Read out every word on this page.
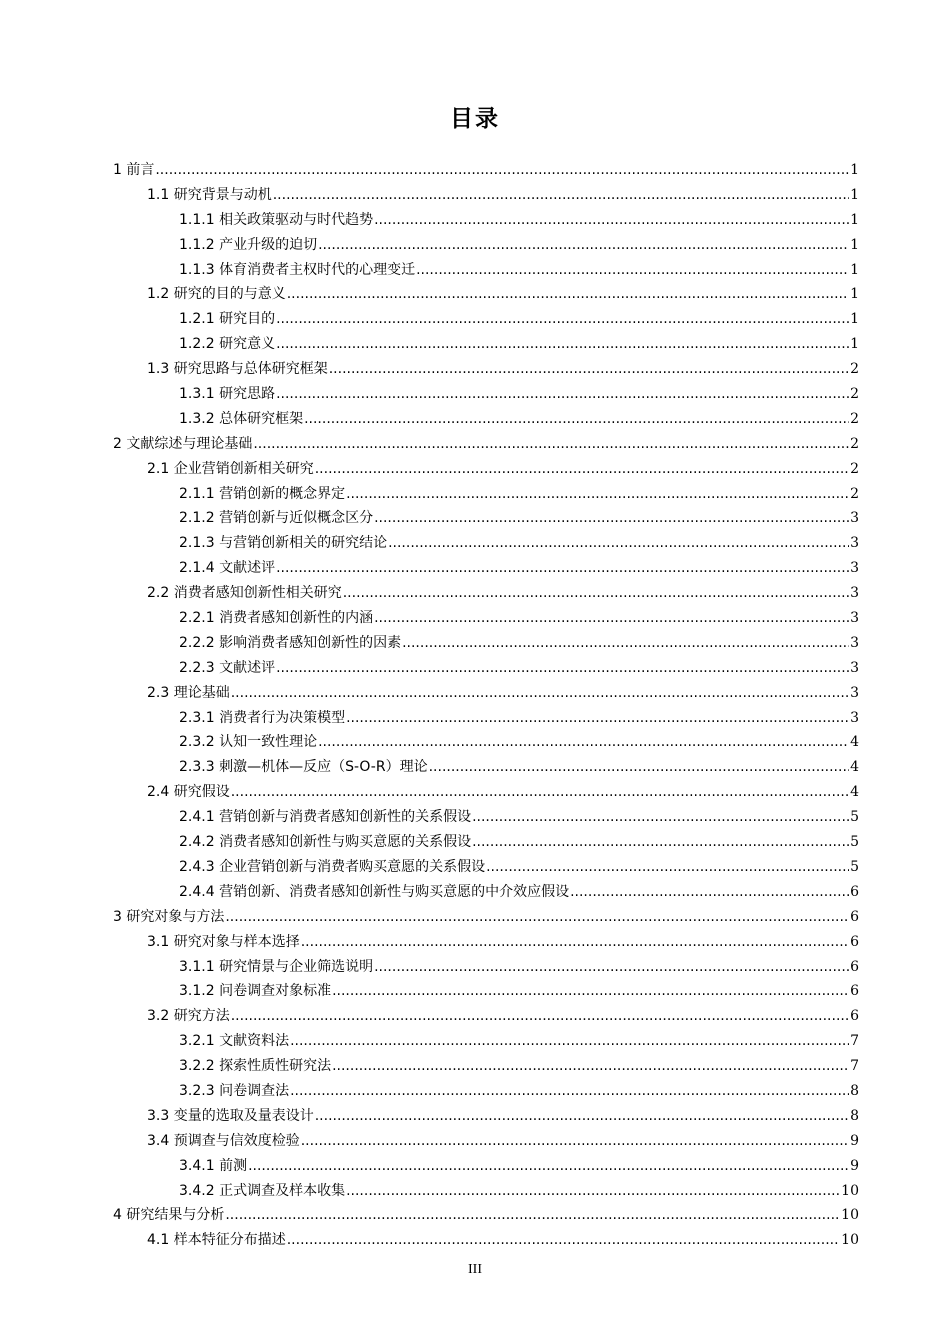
目录
1 前言 .....	1
1.1 研究背景与动机 .....	1
1.1.1 相关政策驱动与时代趋势 .....	1
1.1.2 产业升级的迫切 .....	1
1.1.3 体育消费者主权时代的心理变迁 .....	1
1.2 研究的目的与意义 .....	1
1.2.1 研究目的 .....	1
1.2.2 研究意义 .....	1
1.3 研究思路与总体研究框架 .....	2
1.3.1 研究思路 .....	2
1.3.2 总体研究框架 .....	2
2 文献综述与理论基础 .....	2
2.1 企业营销创新相关研究 .....	2
2.1.1 营销创新的概念界定 .....	2
2.1.2 营销创新与近似概念区分 .....	3
2.1.3 与营销创新相关的研究结论 .....	3
2.1.4 文献述评 .....	3
2.2 消费者感知创新性相关研究 .....	3
2.2.1 消费者感知创新性的内涵 .....	3
2.2.2 影响消费者感知创新性的因素 .....	3
2.2.3 文献述评 .....	3
2.3 理论基础 .....	3
2.3.1 消费者行为决策模型 .....	3
2.3.2 认知一致性理论 .....	4
2.3.3 刺激—机体—反应（S-O-R）理论 .....	4
2.4 研究假设 .....	4
2.4.1 营销创新与消费者感知创新性的关系假设 .....	5
2.4.2 消费者感知创新性与购买意愿的关系假设 .....	5
2.4.3 企业营销创新与消费者购买意愿的关系假设 .....	5
2.4.4 营销创新、消费者感知创新性与购买意愿的中介效应假设 .....	6
3 研究对象与方法 .....	6
3.1 研究对象与样本选择 .....	6
3.1.1 研究情景与企业筛选说明 .....	6
3.1.2 问卷调查对象标准 .....	6
3.2 研究方法 .....	6
3.2.1 文献资料法 .....	7
3.2.2 探索性质性研究法 .....	7
3.2.3 问卷调查法 .....	8
3.3 变量的选取及量表设计 .....	8
3.4 预调查与信效度检验 .....	9
3.4.1 前测 .....	9
3.4.2 正式调查及样本收集 .....	10
4 研究结果与分析 .....	10
4.1 样本特征分布描述 .....	10
III
